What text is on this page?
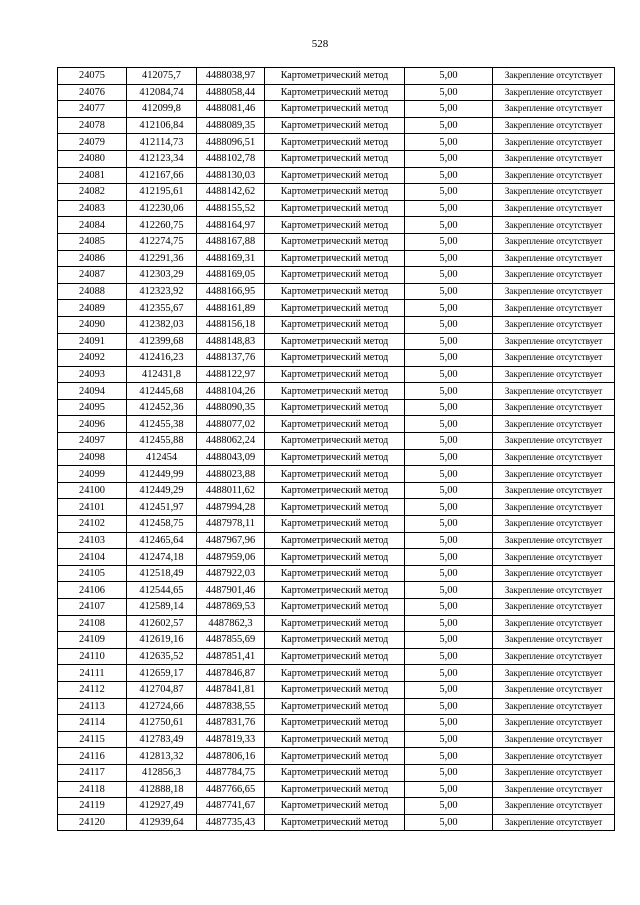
528
24075	412075,7	4488038,97	Картометрический метод	5,00	Закрепление отсутствует
24076	412084,74	4488058,44	Картометрический метод	5,00	Закрепление отсутствует
24077	412099,8	4488081,46	Картометрический метод	5,00	Закрепление отсутствует
24078	412106,84	4488089,35	Картометрический метод	5,00	Закрепление отсутствует
24079	412114,73	4488096,51	Картометрический метод	5,00	Закрепление отсутствует
24080	412123,34	4488102,78	Картометрический метод	5,00	Закрепление отсутствует
24081	412167,66	4488130,03	Картометрический метод	5,00	Закрепление отсутствует
24082	412195,61	4488142,62	Картометрический метод	5,00	Закрепление отсутствует
24083	412230,06	4488155,52	Картометрический метод	5,00	Закрепление отсутствует
24084	412260,75	4488164,97	Картометрический метод	5,00	Закрепление отсутствует
24085	412274,75	4488167,88	Картометрический метод	5,00	Закрепление отсутствует
24086	412291,36	4488169,31	Картометрический метод	5,00	Закрепление отсутствует
24087	412303,29	4488169,05	Картометрический метод	5,00	Закрепление отсутствует
24088	412323,92	4488166,95	Картометрический метод	5,00	Закрепление отсутствует
24089	412355,67	4488161,89	Картометрический метод	5,00	Закрепление отсутствует
24090	412382,03	4488156,18	Картометрический метод	5,00	Закрепление отсутствует
24091	412399,68	4488148,83	Картометрический метод	5,00	Закрепление отсутствует
24092	412416,23	4488137,76	Картометрический метод	5,00	Закрепление отсутствует
24093	412431,8	4488122,97	Картометрический метод	5,00	Закрепление отсутствует
24094	412445,68	4488104,26	Картометрический метод	5,00	Закрепление отсутствует
24095	412452,36	4488090,35	Картометрический метод	5,00	Закрепление отсутствует
24096	412455,38	4488077,02	Картометрический метод	5,00	Закрепление отсутствует
24097	412455,88	4488062,24	Картометрический метод	5,00	Закрепление отсутствует
24098	412454	4488043,09	Картометрический метод	5,00	Закрепление отсутствует
24099	412449,99	4488023,88	Картометрический метод	5,00	Закрепление отсутствует
24100	412449,29	4488011,62	Картометрический метод	5,00	Закрепление отсутствует
24101	412451,97	4487994,28	Картометрический метод	5,00	Закрепление отсутствует
24102	412458,75	4487978,11	Картометрический метод	5,00	Закрепление отсутствует
24103	412465,64	4487967,96	Картометрический метод	5,00	Закрепление отсутствует
24104	412474,18	4487959,06	Картометрический метод	5,00	Закрепление отсутствует
24105	412518,49	4487922,03	Картометрический метод	5,00	Закрепление отсутствует
24106	412544,65	4487901,46	Картометрический метод	5,00	Закрепление отсутствует
24107	412589,14	4487869,53	Картометрический метод	5,00	Закрепление отсутствует
24108	412602,57	4487862,3	Картометрический метод	5,00	Закрепление отсутствует
24109	412619,16	4487855,69	Картометрический метод	5,00	Закрепление отсутствует
24110	412635,52	4487851,41	Картометрический метод	5,00	Закрепление отсутствует
24111	412659,17	4487846,87	Картометрический метод	5,00	Закрепление отсутствует
24112	412704,87	4487841,81	Картометрический метод	5,00	Закрепление отсутствует
24113	412724,66	4487838,55	Картометрический метод	5,00	Закрепление отсутствует
24114	412750,61	4487831,76	Картометрический метод	5,00	Закрепление отсутствует
24115	412783,49	4487819,33	Картометрический метод	5,00	Закрепление отсутствует
24116	412813,32	4487806,16	Картометрический метод	5,00	Закрепление отсутствует
24117	412856,3	4487784,75	Картометрический метод	5,00	Закрепление отсутствует
24118	412888,18	4487766,65	Картометрический метод	5,00	Закрепление отсутствует
24119	412927,49	4487741,67	Картометрический метод	5,00	Закрепление отсутствует
24120	412939,64	4487735,43	Картометрический метод	5,00	Закрепление отсутствует
